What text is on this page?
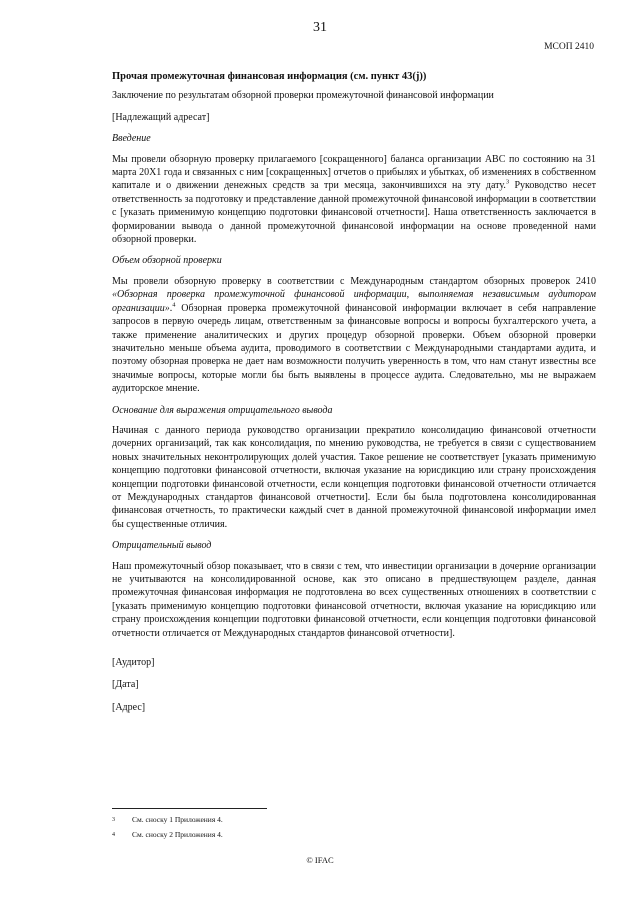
31
МСОП 2410

Прочая промежуточная финансовая информация (см. пункт 43(j))

Заключение по результатам обзорной проверки промежуточной финансовой информации

[Надлежащий адресат]

Введение

Мы провели обзорную проверку прилагаемого [сокращенного] баланса организации ABC по состоянию на 31 марта 20X1 года и связанных с ним [сокращенных] отчетов о прибылях и убытках, об изменениях в собственном капитале и о движении денежных средств за три месяца, закончившихся на эту дату.$^3$ Руководство несет ответственность за подготовку и представление данной промежуточной финансовой информации в соответствии с [указать применимую концепцию подготовки финансовой отчетности]. Наша ответственность заключается в формировании вывода о данной промежуточной финансовой информации на основе проведенной нами обзорной проверки.

Объем обзорной проверки

Мы провели обзорную проверку в соответствии с Международным стандартом обзорных проверок 2410 «Обзорная проверка промежуточной финансовой информации, выполняемая независимым аудитором организации».$^4$ Обзорная проверка промежуточной финансовой информации включает в себя направление запросов в первую очередь лицам, ответственным за финансовые вопросы и вопросы бухгалтерского учета, а также применение аналитических и других процедур обзорной проверки. Объем обзорной проверки значительно меньше объема аудита, проводимого в соответствии с Международными стандартами аудита, и поэтому обзорная проверка не дает нам возможности получить уверенность в том, что нам станут известны все значимые вопросы, которые могли бы быть выявлены в процессе аудита. Следовательно, мы не выражаем аудиторское мнение.

Основание для выражения отрицательного вывода

Начиная с данного периода руководство организации прекратило консолидацию финансовой отчетности дочерних организаций, так как консолидация, по мнению руководства, не требуется в связи с существованием новых значительных неконтролирующих долей участия. Такое решение не соответствует [указать применимую концепцию подготовки финансовой отчетности, включая указание на юрисдикцию или страну происхождения концепции подготовки финансовой отчетности, если концепция подготовки финансовой отчетности отличается от Международных стандартов финансовой отчетности]. Если бы была подготовлена консолидированная финансовая отчетность, то практически каждый счет в данной промежуточной финансовой информации имел бы существенные отличия.

Отрицательный вывод

Наш промежуточный обзор показывает, что в связи с тем, что инвестиции организации в дочерние организации не учитываются на консолидированной основе, как это описано в предшествующем разделе, данная промежуточная финансовая информация не подготовлена во всех существенных отношениях в соответствии с [указать применимую концепцию подготовки финансовой отчетности, включая указание на юрисдикцию или страну происхождения концепции подготовки финансовой отчетности, если концепция подготовки финансовой отчетности отличается от Международных стандартов финансовой отчетности].

[Аудитор]

[Дата]

[Адрес]

3 См. сноску 1 Приложения 4.

4 См. сноску 2 Приложения 4.

© IFAC
